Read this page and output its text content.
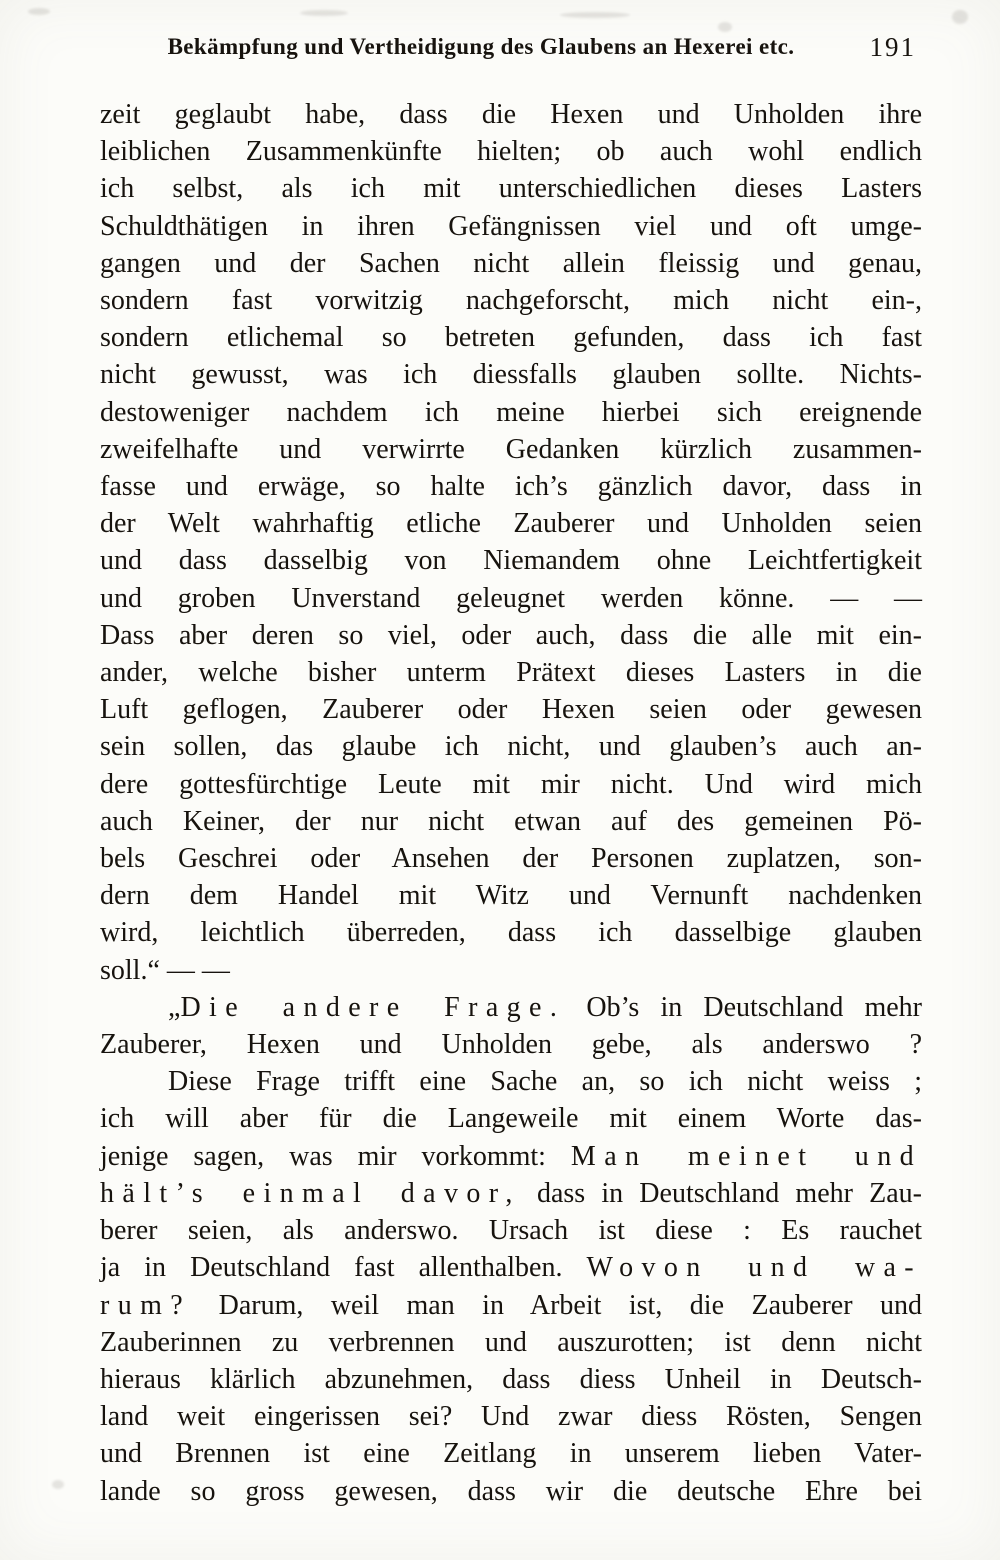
Bekämpfung und Vertheidigung des Glaubens an Hexerei etc.	191
zeit geglaubt habe, dass die Hexen und Unholden ihre
leiblichen Zusammenkünfte hielten; ob auch wohl endlich
ich selbst, als ich mit unterschiedlichen dieses Lasters
Schuldthätigen in ihren Gefängnissen viel und oft umge-
gangen und der Sachen nicht allein fleissig und genau,
sondern fast vorwitzig nachgeforscht, mich nicht ein-,
sondern etlichemal so betreten gefunden, dass ich fast
nicht gewusst, was ich diessfalls glauben sollte. Nichts-
destoweniger nachdem ich meine hierbei sich ereignende
zweifelhafte und verwirrte Gedanken kürzlich zusammen-
fasse und erwäge, so halte ich’s gänzlich davor, dass in
der Welt wahrhaftig etliche Zauberer und Unholden seien
und dass dasselbig von Niemandem ohne Leichtfertigkeit
und groben Unverstand geleugnet werden könne. — —
Dass aber deren so viel, oder auch, dass die alle mit ein-
ander, welche bisher unterm Prätext dieses Lasters in die
Luft geflogen, Zauberer oder Hexen seien oder gewesen
sein sollen, das glaube ich nicht, und glauben’s auch an-
dere gottesfürchtige Leute mit mir nicht. Und wird mich
auch Keiner, der nur nicht etwan auf des gemeinen Pö-
bels Geschrei oder Ansehen der Personen zuplatzen, son-
dern dem Handel mit Witz und Vernunft nachdenken
wird, leichtlich überreden, dass ich dasselbige glauben
soll.“ — —
„Die andere Frage. Ob’s in Deutschland mehr
Zauberer, Hexen und Unholden gebe, als anderswo ?
Diese Frage trifft eine Sache an, so ich nicht weiss ;
ich will aber für die Langeweile mit einem Worte das-
jenige sagen, was mir vorkommt: Man meinet und
hält’s einmal davor, dass in Deutschland mehr Zau-
berer seien, als anderswo. Ursach ist diese : Es rauchet
ja in Deutschland fast allenthalben. Wovon und wa-
rum? Darum, weil man in Arbeit ist, die Zauberer und
Zauberinnen zu verbrennen und auszurotten; ist denn nicht
hieraus klärlich abzunehmen, dass diess Unheil in Deutsch-
land weit eingerissen sei? Und zwar diess Rösten, Sengen
und Brennen ist eine Zeitlang in unserem lieben Vater-
lande so gross gewesen, dass wir die deutsche Ehre bei
